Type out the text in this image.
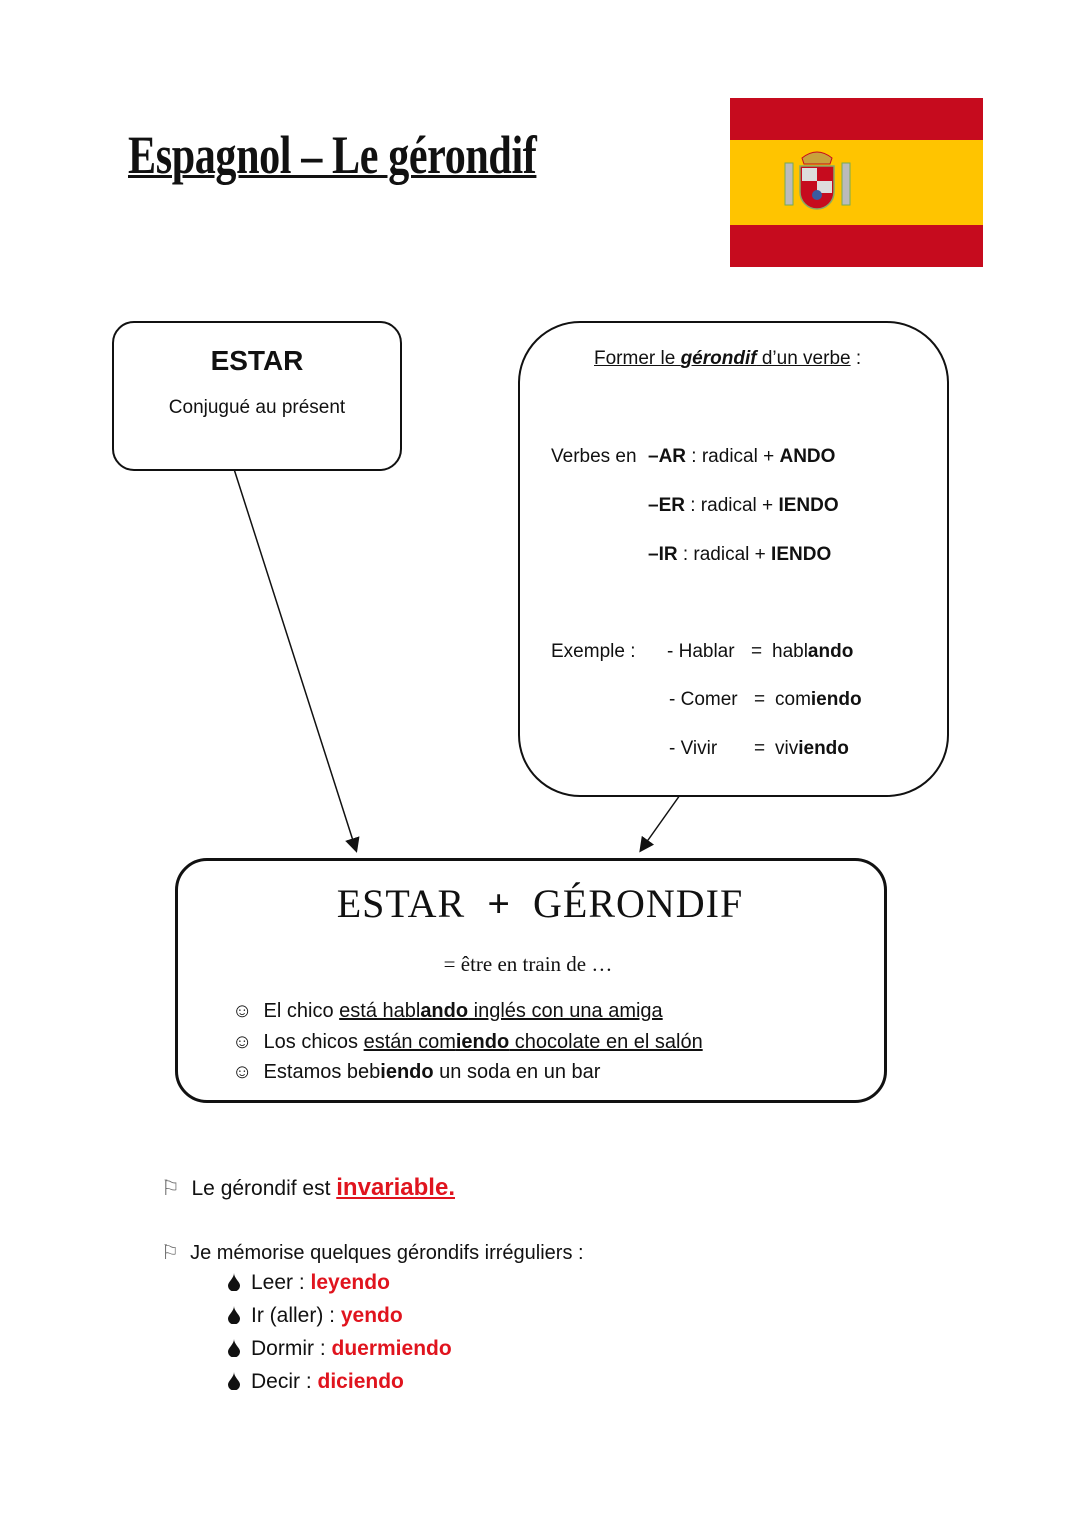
Espagnol – Le gérondif
ESTAR
Conjugué au présent
Former le gérondif d’un verbe :
Verbes en –AR : radical + ANDO
–ER : radical + IENDO
–IR : radical + IENDO
Exemple : - Hablar = hablando
- Comer = comiendo
- Vivir = viviendo
ESTAR + GÉRONDIF
= être en train de …
☺ El chico está hablando inglés con una amiga
☺ Los chicos están comiendo chocolate en el salón
☺ Estamos bebiendo un soda en un bar
⚐ Le gérondif est invariable.
⚐ Je mémorise quelques gérondifs irréguliers :
Leer : leyendo
Ir (aller) : yendo
Dormir : duermiendo
Decir : diciendo
